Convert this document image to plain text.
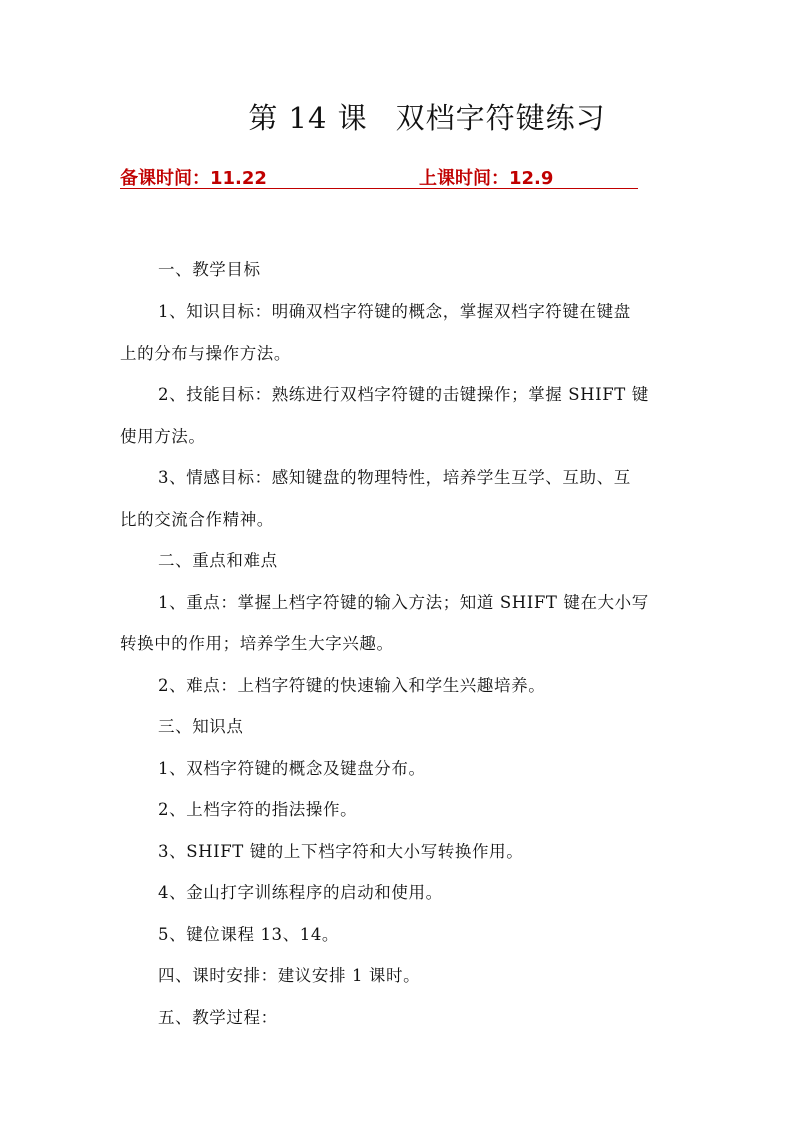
第 14 课 双档字符键练习
备课时间：11.22	上课时间：12.9
一、教学目标
1、知识目标：明确双档字符键的概念，掌握双档字符键在键盘
上的分布与操作方法。
2、技能目标：熟练进行双档字符键的击键操作；掌握 SHIFT 键
使用方法。
3、情感目标：感知键盘的物理特性，培养学生互学、互助、互
比的交流合作精神。
二、重点和难点
1、重点：掌握上档字符键的输入方法；知道 SHIFT 键在大小写
转换中的作用；培养学生大字兴趣。
2、难点：上档字符键的快速输入和学生兴趣培养。
三、知识点
1、双档字符键的概念及键盘分布。
2、上档字符的指法操作。
3、SHIFT 键的上下档字符和大小写转换作用。
4、金山打字训练程序的启动和使用。
5、键位课程 13、14。
四、课时安排：建议安排 1 课时。
五、教学过程：
